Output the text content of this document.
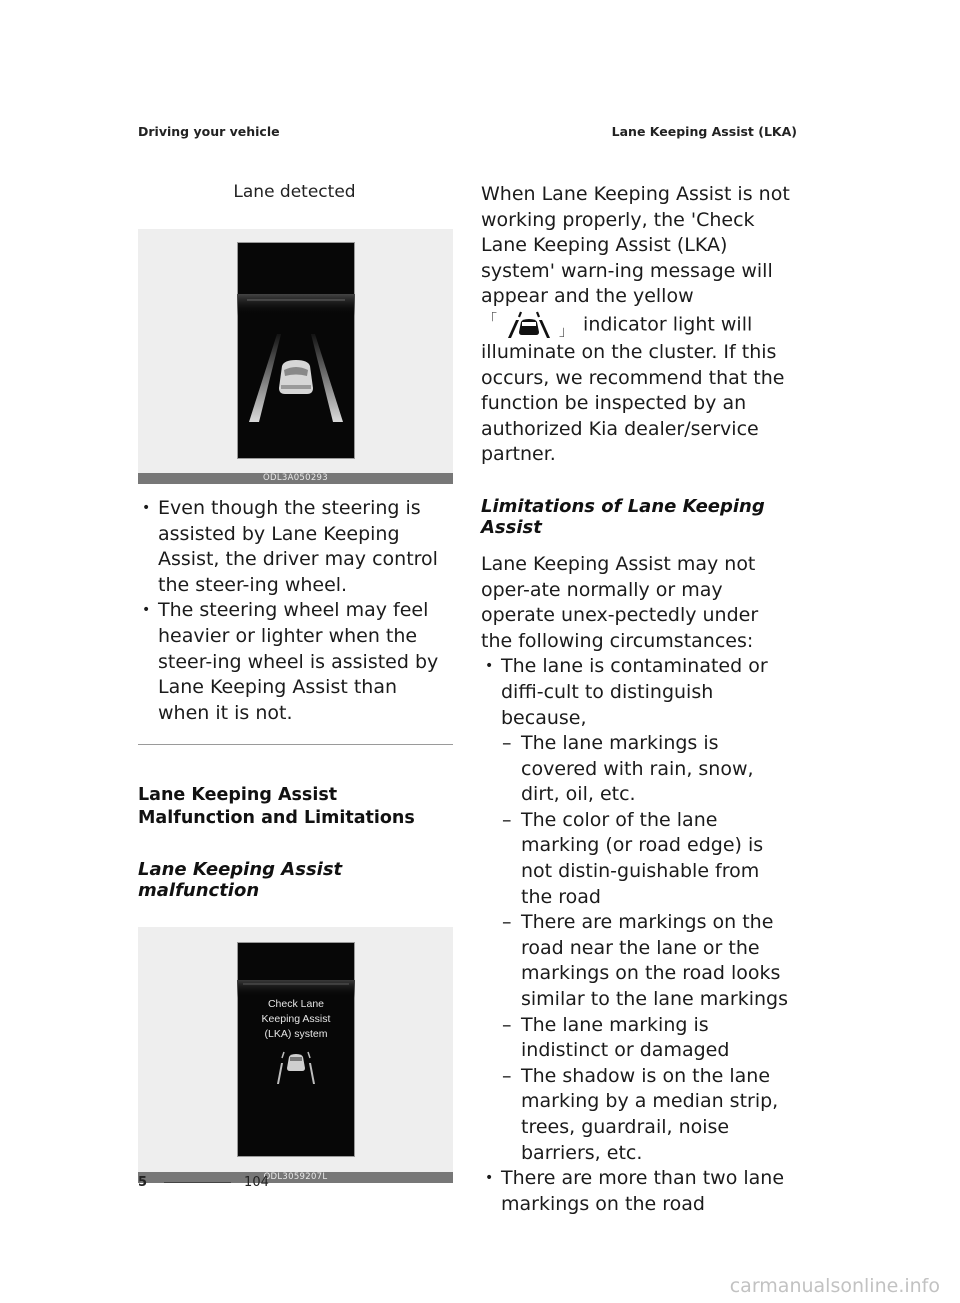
Driving your vehicle	Lane Keeping Assist (LKA)
Lane detected
ODL3A050293
• Even though the steering is assisted by Lane Keeping Assist, the driver may control the steer-ing wheel.
• The steering wheel may feel heavier or lighter when the steer-ing wheel is assisted by Lane Keeping Assist than when it is not.
Lane Keeping Assist Malfunction and Limitations
Lane Keeping Assist malfunction
Check Lane
Keeping Assist
(LKA) system
ODL3059207L

When Lane Keeping Assist is not working properly, the 'Check Lane Keeping Assist (LKA) system' warn-ing message will appear and the yellow
「
」 indicator light will illuminate on the cluster. If this occurs, we recommend that the function be inspected by an authorized Kia dealer/service partner.

Limitations of Lane Keeping Assist

Lane Keeping Assist may not oper-ate normally or may operate unex-pectedly under the following circumstances:

• The lane is contaminated or diffi-cult to distinguish because,
– The lane markings is covered with rain, snow, dirt, oil, etc.
– The color of the lane marking (or road edge) is not distin-guishable from the road
– There are markings on the road near the lane or the markings on the road looks similar to the lane markings
– The lane marking is indistinct or damaged
– The shadow is on the lane marking by a median strip, trees, guardrail, noise barriers, etc.
• There are more than two lane markings on the road
5	104
carmanualsonline.info
